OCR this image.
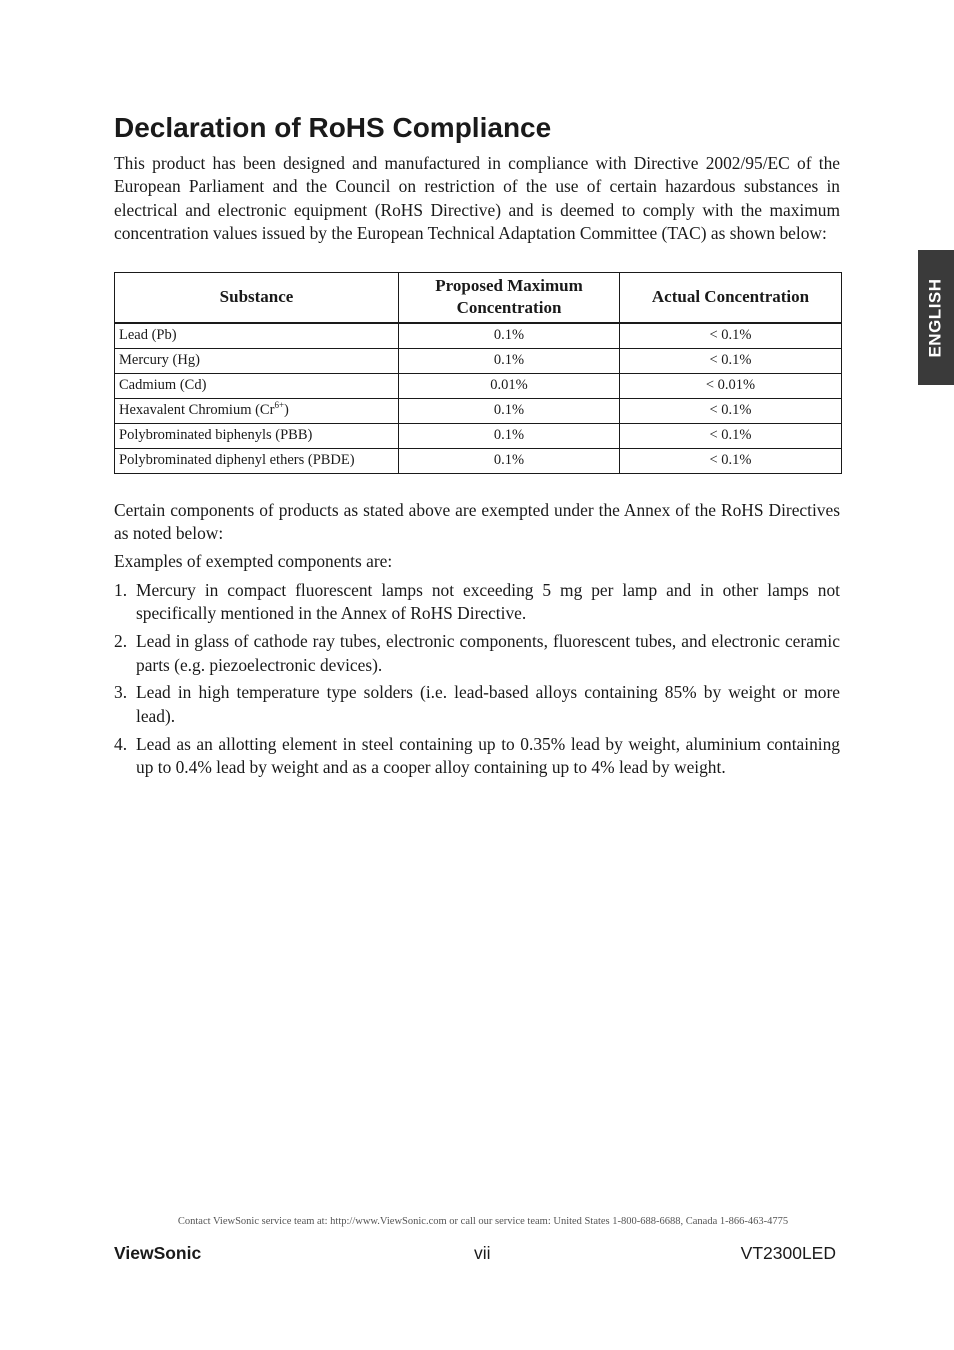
ENGLISH
Declaration of RoHS Compliance

This product has been designed and manufactured in compliance with Directive 2002/95/EC of the European Parliament and the Council on restriction of the use of certain hazardous substances in electrical and electronic equipment (RoHS Directive) and is deemed to comply with the maximum concentration values issued by the European Technical Adaptation Committee (TAC) as shown below:

Substance	Proposed Maximum Concentration	Actual Concentration
Lead (Pb)	0.1%	< 0.1%
Mercury (Hg)	0.1%	< 0.1%
Cadmium (Cd)	0.01%	< 0.01%
Hexavalent Chromium $(Cr^{6+})$	0.1%	< 0.1%
Polybrominated biphenyls (PBB)	0.1%	< 0.1%
Polybrominated diphenyl ethers (PBDE)	0.1%	< 0.1%

Certain components of products as stated above are exempted under the Annex of the RoHS Directives as noted below:

Examples of exempted components are:

1. Mercury in compact fluorescent lamps not exceeding 5 mg per lamp and in other lamps not specifically mentioned in the Annex of RoHS Directive.
2. Lead in glass of cathode ray tubes, electronic components, fluorescent tubes, and electronic ceramic parts (e.g. piezoelectronic devices).
3. Lead in high temperature type solders (i.e. lead-based alloys containing 85% by weight or more lead).
4. Lead as an allotting element in steel containing up to 0.35% lead by weight, aluminium containing up to 0.4% lead by weight and as a cooper alloy containing up to 4% lead by weight.
Contact ViewSonic service team at: http://www.ViewSonic.com or call our service team: United States 1-800-688-6688, Canada 1-866-463-4775
ViewSonic	vii	VT2300LED
